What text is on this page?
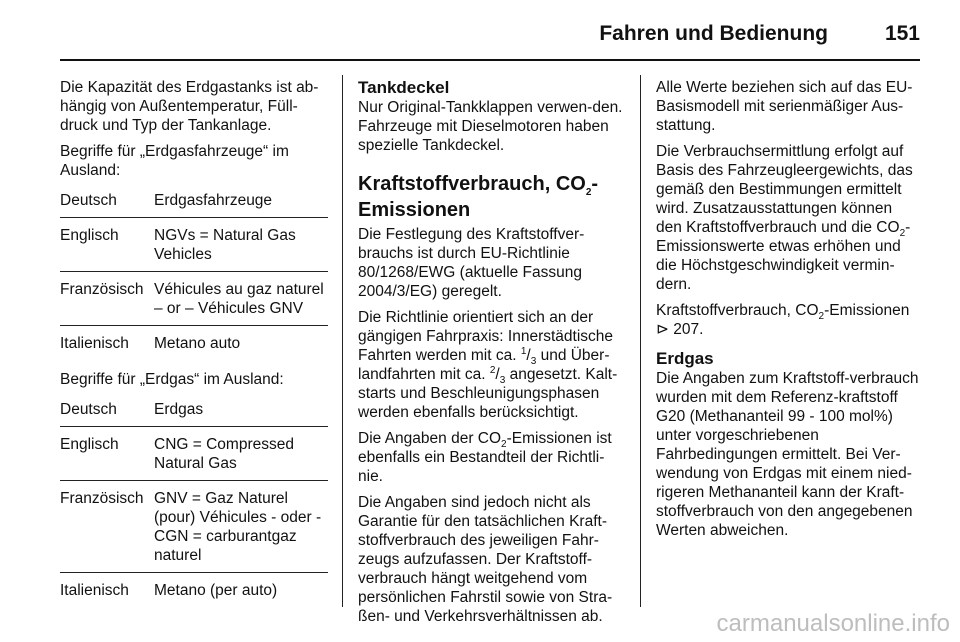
Fahren und Bedienung	151

Die Kapazität des Erdgastanks ist ab-hängig von Außentemperatur, Füll-druck und Typ der Tankanlage.

Begriffe für „Erdgasfahrzeuge“ im Ausland:

Deutsch	Erdgasfahrzeuge
Englisch	NGVs = Natural Gas Vehicles
Französisch Véhicules au gaz naturel – or – Véhicules GNV
Italienisch	Metano auto

Begriffe für „Erdgas“ im Ausland:

Deutsch	Erdgas
Englisch	CNG = Compressed Natural Gas
Französisch GNV = Gaz Naturel (pour) Véhicules - oder -
CGN = carburantgaz naturel
Italienisch	Metano (per auto)
Tankdeckel

Nur Original-Tankklappen verwen-den. Fahrzeuge mit Dieselmotoren haben spezielle Tankdeckel.

Kraftstoffverbrauch, $CO_2$-Emissionen

Die Festlegung des Kraftstoffver-brauchs ist durch EU-Richtlinie 80/1268/EWG (aktuelle Fassung 2004/3/EG) geregelt.

Die Richtlinie orientiert sich an der gängigen Fahrpraxis: Innerstädtische Fahrten werden mit ca. $^1/_3$ und Über-landfahrten mit ca. $^2/_3$ angesetzt. Kalt-starts und Beschleunigungsphasen werden ebenfalls berücksichtigt.

Die Angaben der $CO_2$-Emissionen ist ebenfalls ein Bestandteil der Richtli-nie.

Die Angaben sind jedoch nicht als Garantie für den tatsächlichen Kraft-stoffverbrauch des jeweiligen Fahr-zeugs aufzufassen. Der Kraftstoff-verbrauch hängt weitgehend vom persönlichen Fahrstil sowie von Stra-ßen- und Verkehrsverhältnissen ab.

Alle Werte beziehen sich auf das EU-Basismodell mit serienmäßiger Aus-stattung.

Die Verbrauchsermittlung erfolgt auf Basis des Fahrzeugleergewichts, das gemäß den Bestimmungen ermittelt wird. Zusatzausstattungen können den Kraftstoffverbrauch und die $CO_2$-Emissionswerte etwas erhöhen und die Höchstgeschwindigkeit vermin-dern.

Kraftstoffverbrauch, $CO_2$-Emissionen
⊳ 207.

Erdgas

Die Angaben zum Kraftstoff-verbrauch wurden mit dem Referenz-kraftstoff G20 (Methananteil 99 - 100 mol%) unter vorgeschriebenen Fahrbedingungen ermittelt. Bei Ver-wendung von Erdgas mit einem nied-rigeren Methananteil kann der Kraft-stoffverbrauch von den angegebenen Werten abweichen.

carmanualsonline.info
